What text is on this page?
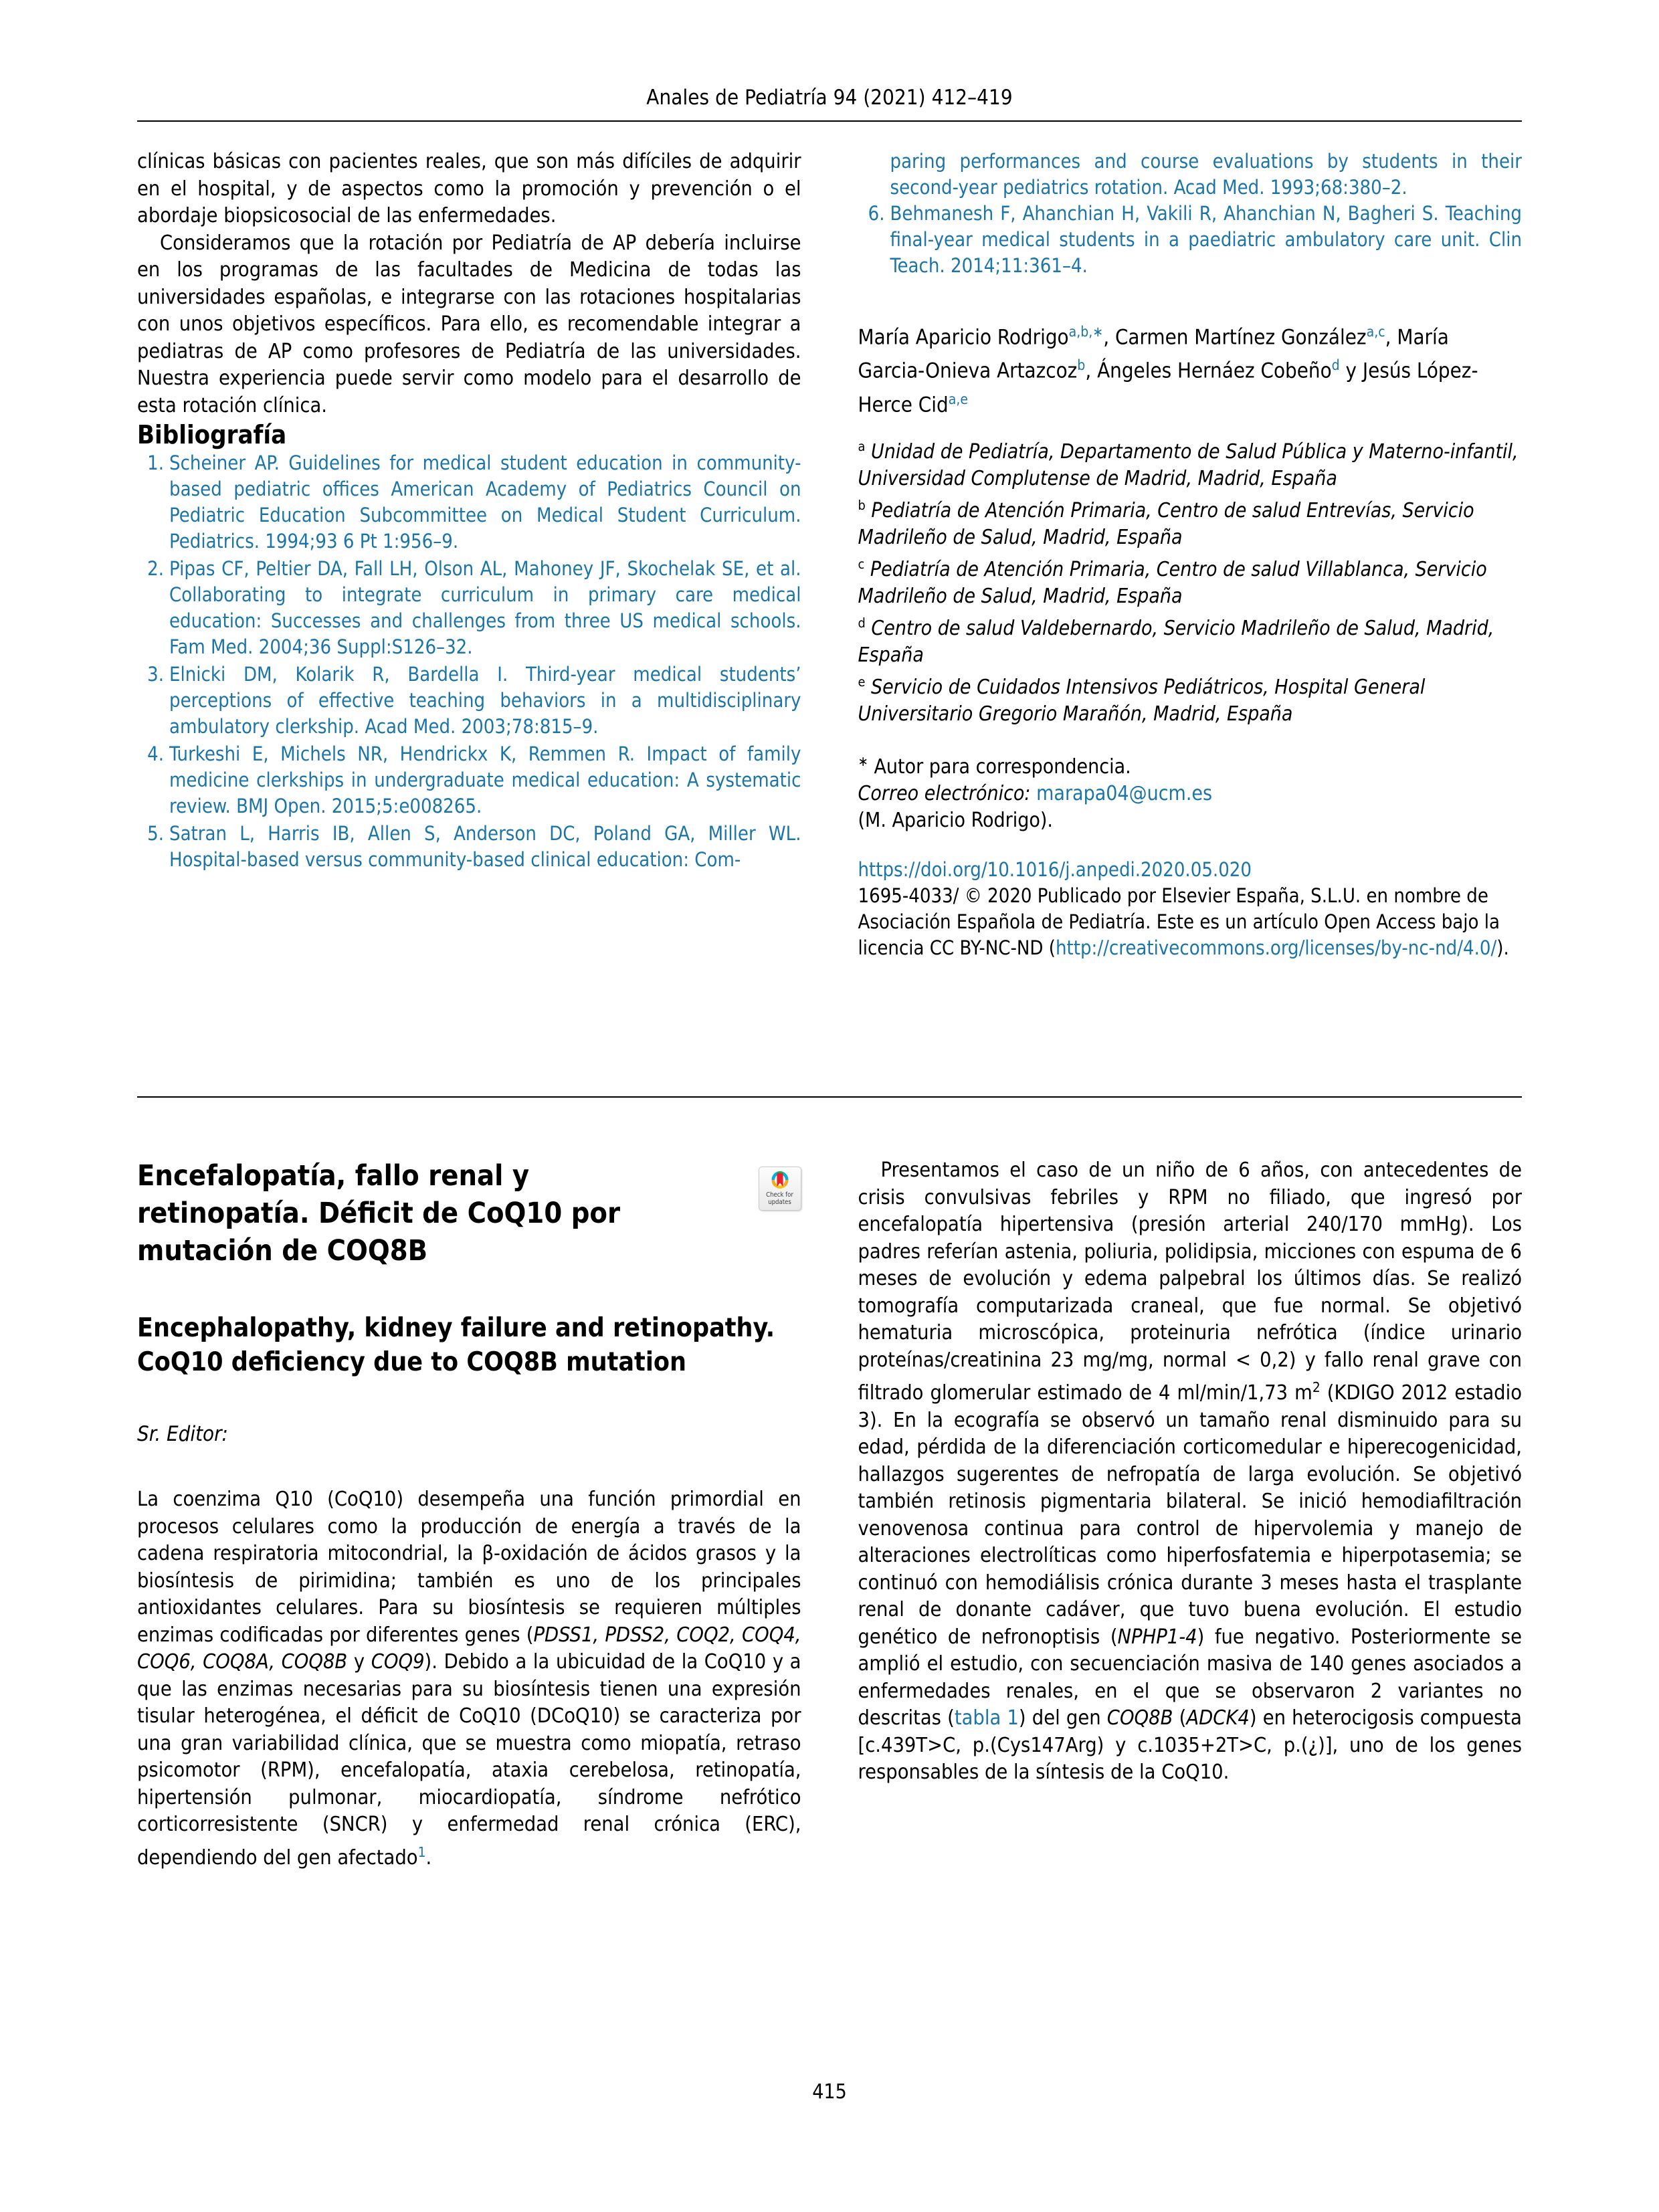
Anales de Pediatría 94 (2021) 412–419

clínicas básicas con pacientes reales, que son más difíciles de adquirir en el hospital, y de aspectos como la promoción y prevención o el abordaje biopsicosocial de las enfermedades.

Consideramos que la rotación por Pediatría de AP debería incluirse en los programas de las facultades de Medicina de todas las universidades españolas, e integrarse con las rotaciones hospitalarias con unos objetivos específicos. Para ello, es recomendable integrar a pediatras de AP como profesores de Pediatría de las universidades. Nuestra experiencia puede servir como modelo para el desarrollo de esta rotación clínica.

Bibliografía
Scheiner AP. Guidelines for medical student education in community-based pediatric offices American Academy of Pediatrics Council on Pediatric Education Subcommittee on Medical Student Curriculum. Pediatrics. 1994;93 6 Pt 1:956–9.
Pipas CF, Peltier DA, Fall LH, Olson AL, Mahoney JF, Skochelak SE, et al. Collaborating to integrate curriculum in primary care medical education: Successes and challenges from three US medical schools. Fam Med. 2004;36 Suppl:S126–32.
Elnicki DM, Kolarik R, Bardella I. Third-year medical students’ perceptions of effective teaching behaviors in a multidisciplinary ambulatory clerkship. Acad Med. 2003;78:815–9.
Turkeshi E, Michels NR, Hendrickx K, Remmen R. Impact of family medicine clerkships in undergraduate medical education: A systematic review. BMJ Open. 2015;5:e008265.
Satran L, Harris IB, Allen S, Anderson DC, Poland GA, Miller WL. Hospital-based versus community-based clinical education: Com-

paring performances and course evaluations by students in their second-year pediatrics rotation. Acad Med. 1993;68:380–2.

Behmanesh F, Ahanchian H, Vakili R, Ahanchian N, Bagheri S. Teaching final-year medical students in a paediatric ambulatory care unit. Clin Teach. 2014;11:361–4.

María Aparicio Rodrigo$^{a,b,∗}$, Carmen Martínez González$^{a,c}$, María Garcia-Onieva Artazcoz$^b$, Ángeles Hernáez Cobeño$^d$ y Jesús López-Herce Cid$^{a,e}$

$^a$ Unidad de Pediatría, Departamento de Salud Pública y Materno-infantil, Universidad Complutense de Madrid, Madrid, España
$^b$ Pediatría de Atención Primaria, Centro de salud Entrevías, Servicio Madrileño de Salud, Madrid, España
$^c$ Pediatría de Atención Primaria, Centro de salud Villablanca, Servicio Madrileño de Salud, Madrid, España
$^d$ Centro de salud Valdebernardo, Servicio Madrileño de Salud, Madrid, España
$^e$ Servicio de Cuidados Intensivos Pediátricos, Hospital General Universitario Gregorio Marañón, Madrid, España
∗ Autor para correspondencia.
Correo electrónico: marapa04@ucm.es
(M. Aparicio Rodrigo).
https://doi.org/10.1016/j.anpedi.2020.05.020
1695-4033/ © 2020 Publicado por Elsevier España, S.L.U. en nombre de Asociación Española de Pediatría. Este es un artículo Open Access bajo la licencia CC BY-NC-ND (http://creativecommons.org/licenses/by-nc-nd/4.0/).
Check for
updates
Encefalopatía, fallo renal y retinopatía. Déficit de CoQ10 por mutación de COQ8B
Encephalopathy, kidney failure and retinopathy. CoQ10 deficiency due to COQ8B mutation

Sr. Editor:

La coenzima Q10 (CoQ10) desempeña una función primordial en procesos celulares como la producción de energía a través de la cadena respiratoria mitocondrial, la β-oxidación de ácidos grasos y la biosíntesis de pirimidina; también es uno de los principales antioxidantes celulares. Para su biosíntesis se requieren múltiples enzimas codificadas por diferentes genes (PDSS1, PDSS2, COQ2, COQ4, COQ6, COQ8A, COQ8B y COQ9). Debido a la ubicuidad de la CoQ10 y a que las enzimas necesarias para su biosíntesis tienen una expresión tisular heterogénea, el déficit de CoQ10 (DCoQ10) se caracteriza por una gran variabilidad clínica, que se muestra como miopatía, retraso psicomotor (RPM), encefalopatía, ataxia cerebelosa, retinopatía, hipertensión pulmonar, miocardiopatía, síndrome nefrótico corticorresistente (SNCR) y enfermedad renal crónica (ERC), dependiendo del gen afectado$^1$.

Presentamos el caso de un niño de 6 años, con antecedentes de crisis convulsivas febriles y RPM no filiado, que ingresó por encefalopatía hipertensiva (presión arterial 240/170 mmHg). Los padres referían astenia, poliuria, polidipsia, micciones con espuma de 6 meses de evolución y edema palpebral los últimos días. Se realizó tomografía computarizada craneal, que fue normal. Se objetivó hematuria microscópica, proteinuria nefrótica (índice urinario proteínas/creatinina 23 mg/mg, normal < 0,2) y fallo renal grave con filtrado glomerular estimado de 4 ml/min/1,73 $m^2$ (KDIGO 2012 estadio 3). En la ecografía se observó un tamaño renal disminuido para su edad, pérdida de la diferenciación corticomedular e hiperecogenicidad, hallazgos sugerentes de nefropatía de larga evolución. Se objetivó también retinosis pigmentaria bilateral. Se inició hemodiafiltración venovenosa continua para control de hipervolemia y manejo de alteraciones electrolíticas como hiperfosfatemia e hiperpotasemia; se continuó con hemodiálisis crónica durante 3 meses hasta el trasplante renal de donante cadáver, que tuvo buena evolución. El estudio genético de nefronoptisis (NPHP1-4) fue negativo. Posteriormente se amplió el estudio, con secuenciación masiva de 140 genes asociados a enfermedades renales, en el que se observaron 2 variantes no descritas (tabla 1) del gen COQ8B (ADCK4) en heterocigosis compuesta [c.439T>C, p.(Cys147Arg) y c.1035+2T>C, p.(¿)], uno de los genes responsables de la síntesis de la CoQ10.

415
